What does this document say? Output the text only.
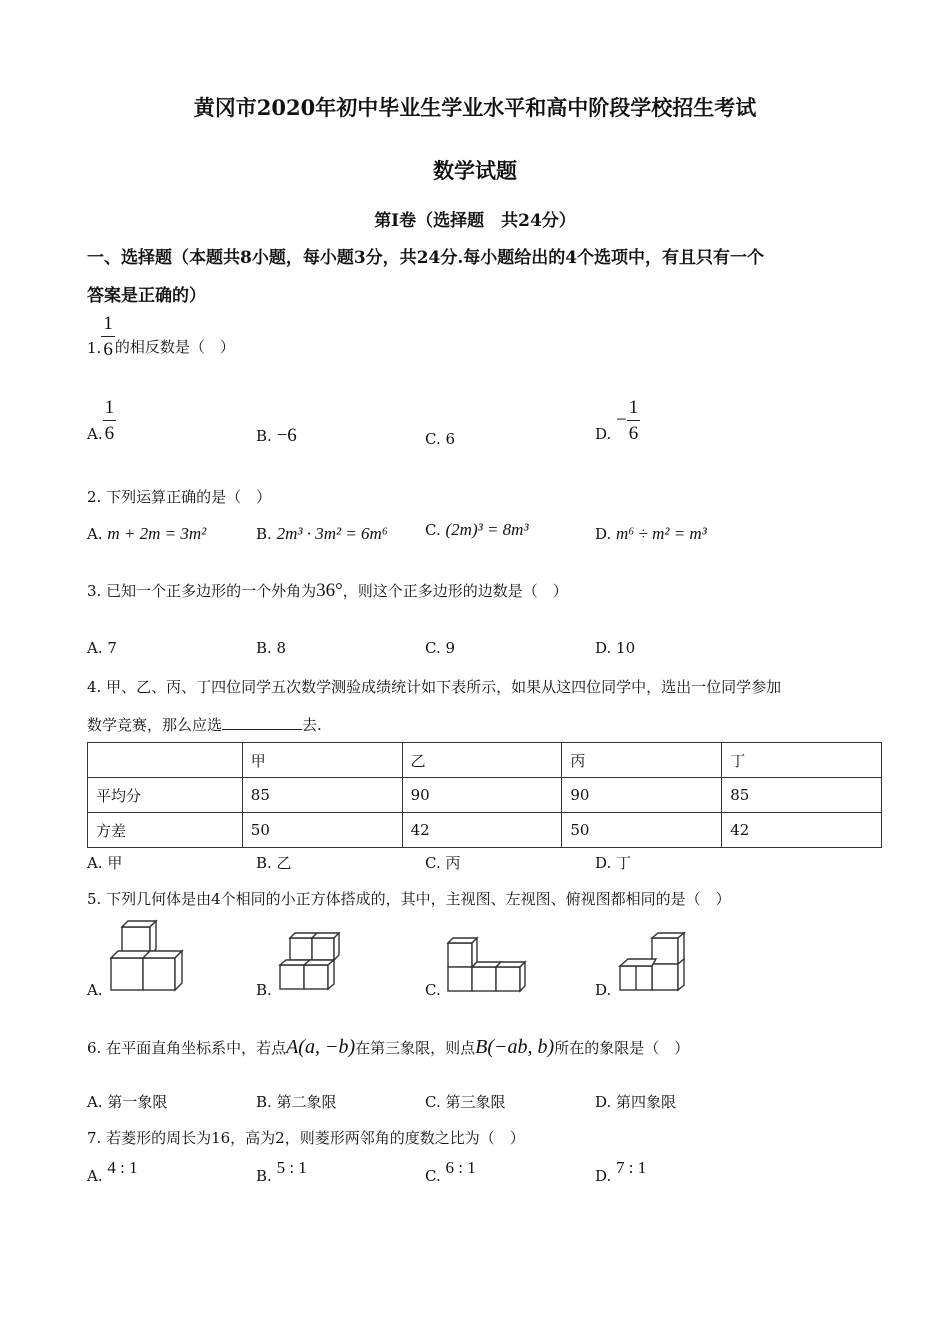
黄冈市2020年初中毕业生学业水平和高中阶段学校招生考试
数学试题
第Ⅰ卷（选择题　共24分）
一、选择题（本题共8小题，每小题3分，共24分.每小题给出的4个选项中，有且只有一个
答案是正确的）
1. $\frac{1}{6}$ 的相反数是（　）
A. $\frac{1}{6}$	B. −6	C. 6	D. − $\frac{1}{6}$
2. 下列运算正确的是（　）
A. m + 2m = 3m²	B. 2m³ · 3m² = 6m⁶ C. (2m)³ = 8m³	D. m⁶ ÷ m² = m³
3. 已知一个正多边形的一个外角为36°，则这个正多边形的边数是（　）
A. 7	B. 8	C. 9	D. 10
4. 甲、乙、丙、丁四位同学五次数学测验成绩统计如下表所示，如果从这四位同学中，选出一位同学参加
数学竞赛，那么应选	去.
	甲	乙	丙	丁
平均分	85	90	90	85
方差	50	42	50	42
A. 甲	B. 乙	C. 丙	D. 丁
5. 下列几何体是由4个相同的小正方体搭成的，其中，主视图、左视图、俯视图都相同的是（　）
A.	B.	C.	D.
6. 在平面直角坐标系中，若点A(a, −b)在第三象限，则点B(−ab, b)所在的象限是（　）
A. 第一象限	B. 第二象限	C. 第三象限	D. 第四象限
7. 若菱形的周长为16，高为2，则菱形两邻角的度数之比为（　）
A. 4 : 1	B. 5 : 1	C. 6 : 1	D. 7 : 1
